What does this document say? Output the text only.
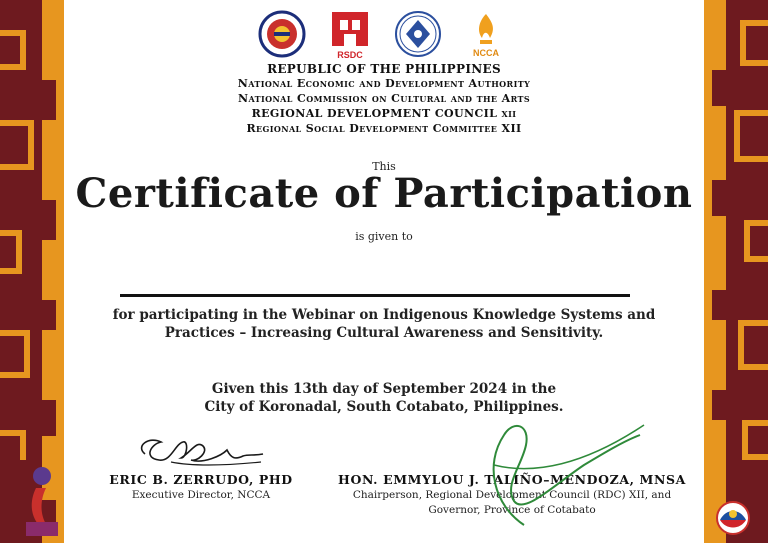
RSDC	NCCA
REPUBLIC OF THE PHILIPPINES
National Economic and Development Authority
National Commission on Cultural and the Arts
REGIONAL DEVELOPMENT COUNCIL xii
Regional Social Development Committee XII
This
Certificate of Participation
is given to
for participating in the Webinar on Indigenous Knowledge Systems and
Practices – Increasing Cultural Awareness and Sensitivity.
Given this 13th day of September 2024 in the
City of Koronadal, South Cotabato, Philippines.
ERIC B. ZERRUDO, PHD
Executive Director, NCCA
HON. EMMYLOU J. TALIÑO–MENDOZA, MNSA
Chairperson, Regional Development Council (RDC) XII, and
Governor, Province of Cotabato
